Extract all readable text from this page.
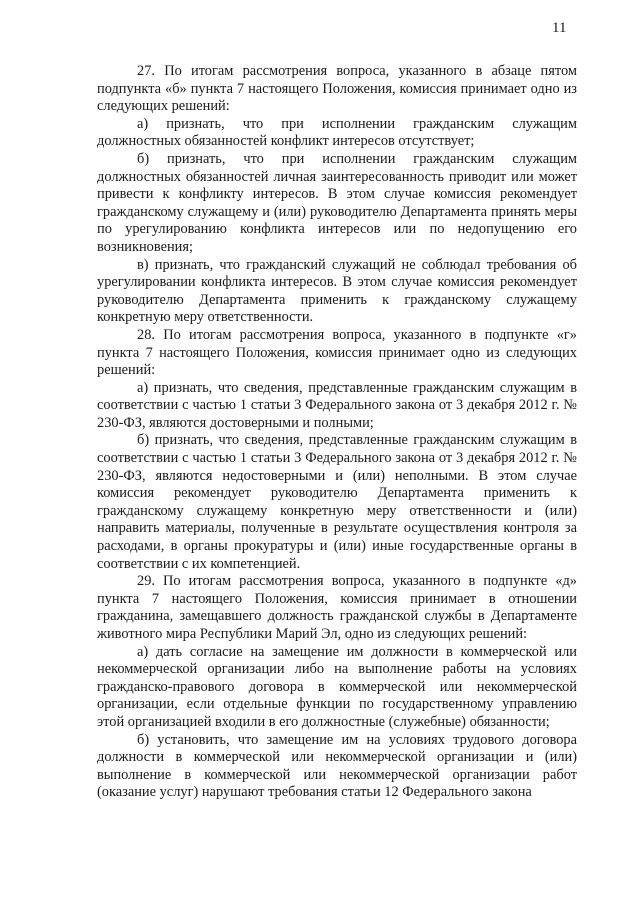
11

27. По итогам рассмотрения вопроса, указанного в абзаце пятом подпункта «б» пункта 7 настоящего Положения, комиссия принимает одно из следующих решений:

а) признать, что при исполнении гражданским служащим должностных обязанностей конфликт интересов отсутствует;

б) признать, что при исполнении гражданским служащим должностных обязанностей личная заинтересованность приводит или может привести к конфликту интересов. В этом случае комиссия рекомендует гражданскому служащему и (или) руководителю Департамента принять меры по урегулированию конфликта интересов или по недопущению его возникновения;

в) признать, что гражданский служащий не соблюдал требования об урегулировании конфликта интересов. В этом случае комиссия рекомендует руководителю Департамента применить к гражданскому служащему конкретную меру ответственности.

28. По итогам рассмотрения вопроса, указанного в подпункте «г» пункта 7 настоящего Положения, комиссия принимает одно из следующих решений:

а) признать, что сведения, представленные гражданским служащим в соответствии с частью 1 статьи 3 Федерального закона от 3 декабря 2012 г. № 230-ФЗ, являются достоверными и полными;

б) признать, что сведения, представленные гражданским служащим в соответствии с частью 1 статьи 3 Федерального закона от 3 декабря 2012 г. № 230-ФЗ, являются недостоверными и (или) неполными. В этом случае комиссия рекомендует руководителю Департамента применить к гражданскому служащему конкретную меру ответственности и (или) направить материалы, полученные в результате осуществления контроля за расходами, в органы прокуратуры и (или) иные государственные органы в соответствии с их компетенцией.

29. По итогам рассмотрения вопроса, указанного в подпункте «д» пункта 7 настоящего Положения, комиссия принимает в отношении гражданина, замещавшего должность гражданской службы в Департаменте животного мира Республики Марий Эл, одно из следующих решений:

а) дать согласие на замещение им должности в коммерческой или некоммерческой организации либо на выполнение работы на условиях гражданско-правового договора в коммерческой или некоммерческой организации, если отдельные функции по государственному управлению этой организацией входили в его должностные (служебные) обязанности;

б) установить, что замещение им на условиях трудового договора должности в коммерческой или некоммерческой организации и (или) выполнение в коммерческой или некоммерческой организации работ (оказание услуг) нарушают требования статьи 12 Федерального закона
